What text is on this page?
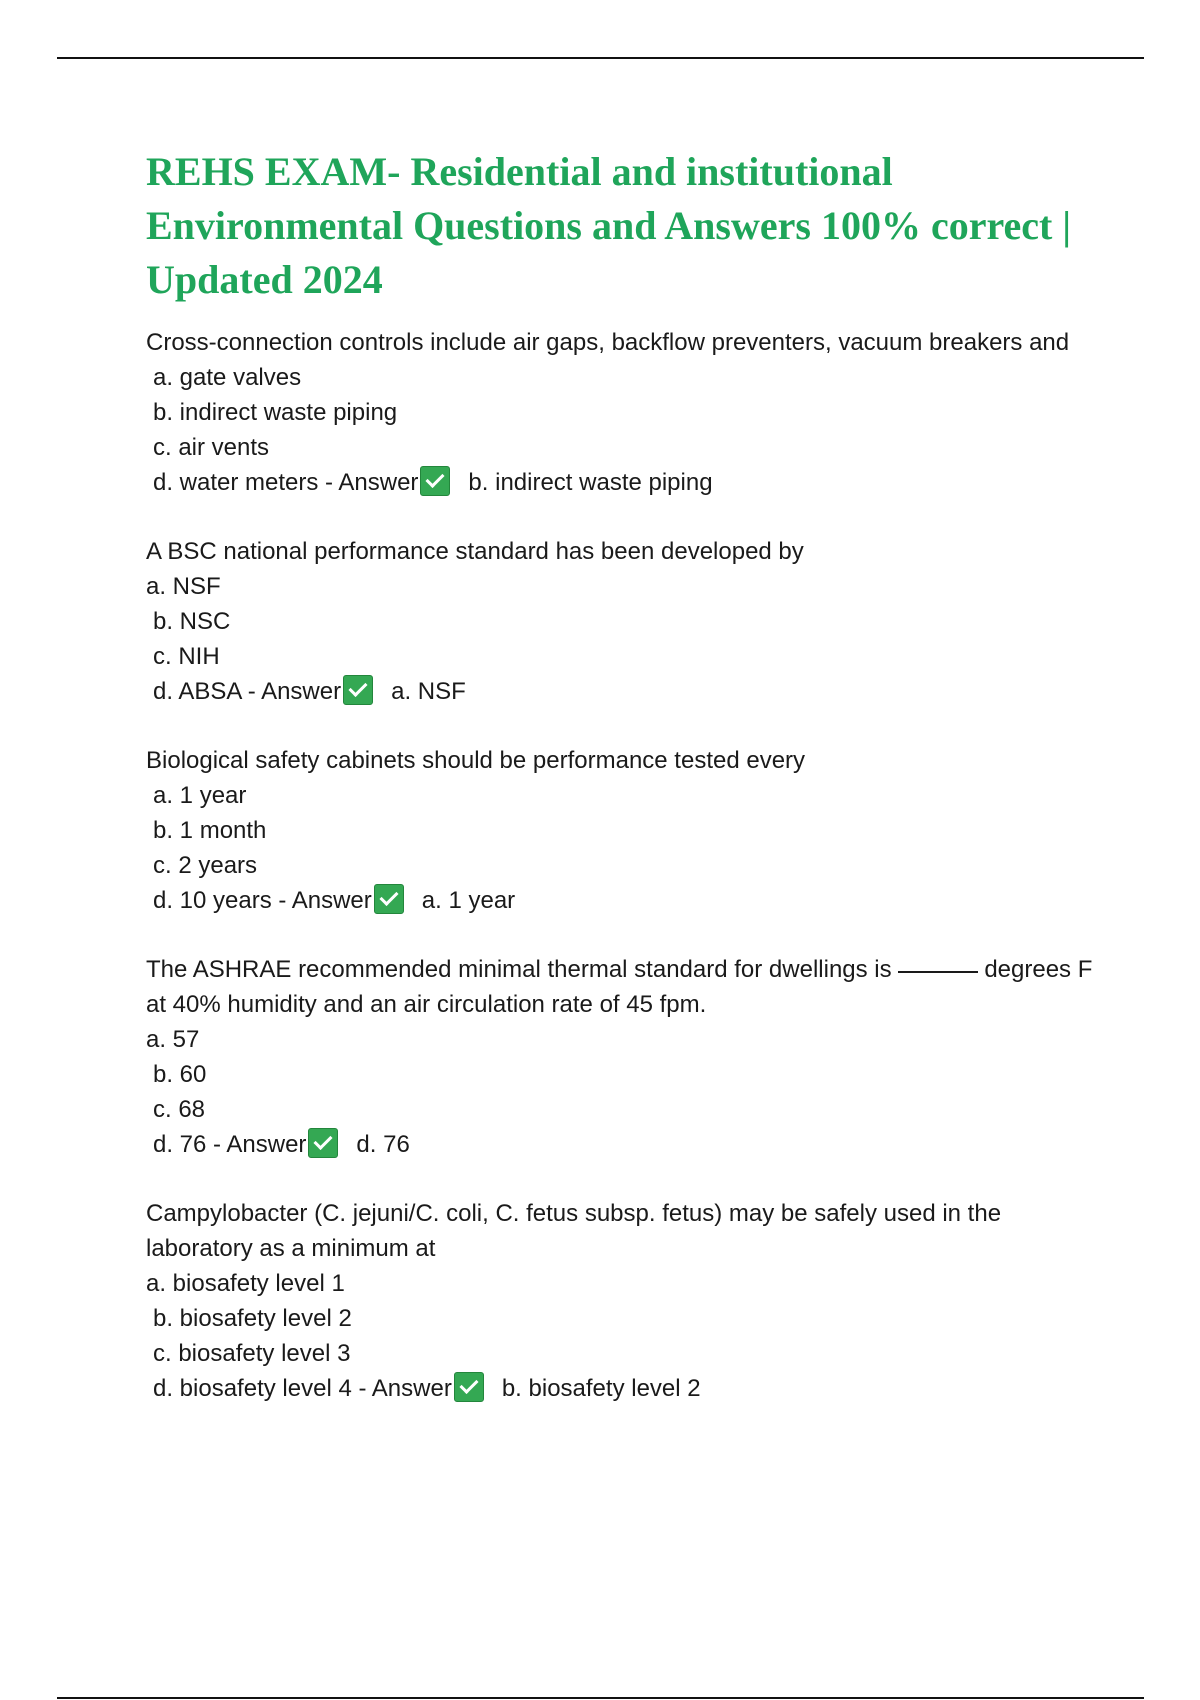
REHS EXAM- Residential and institutional Environmental Questions and Answers 100% correct | Updated 2024
Cross-connection controls include air gaps, backflow preventers, vacuum breakers and
a. gate valves
b. indirect waste piping
c. air vents
d. water meters - Answer b. indirect waste piping
A BSC national performance standard has been developed by
a. NSF
b. NSC
c. NIH
d. ABSA - Answer a. NSF
Biological safety cabinets should be performance tested every
a. 1 year
b. 1 month
c. 2 years
d. 10 years - Answer a. 1 year
The ASHRAE recommended minimal thermal standard for dwellings is	degrees F at 40% humidity and an air circulation rate of 45 fpm.
a. 57
b. 60
c. 68
d. 76 - Answer d. 76
Campylobacter (C. jejuni/C. coli, C. fetus subsp. fetus) may be safely used in the laboratory as a minimum at
a. biosafety level 1
b. biosafety level 2
c. biosafety level 3
d. biosafety level 4 - Answer b. biosafety level 2
